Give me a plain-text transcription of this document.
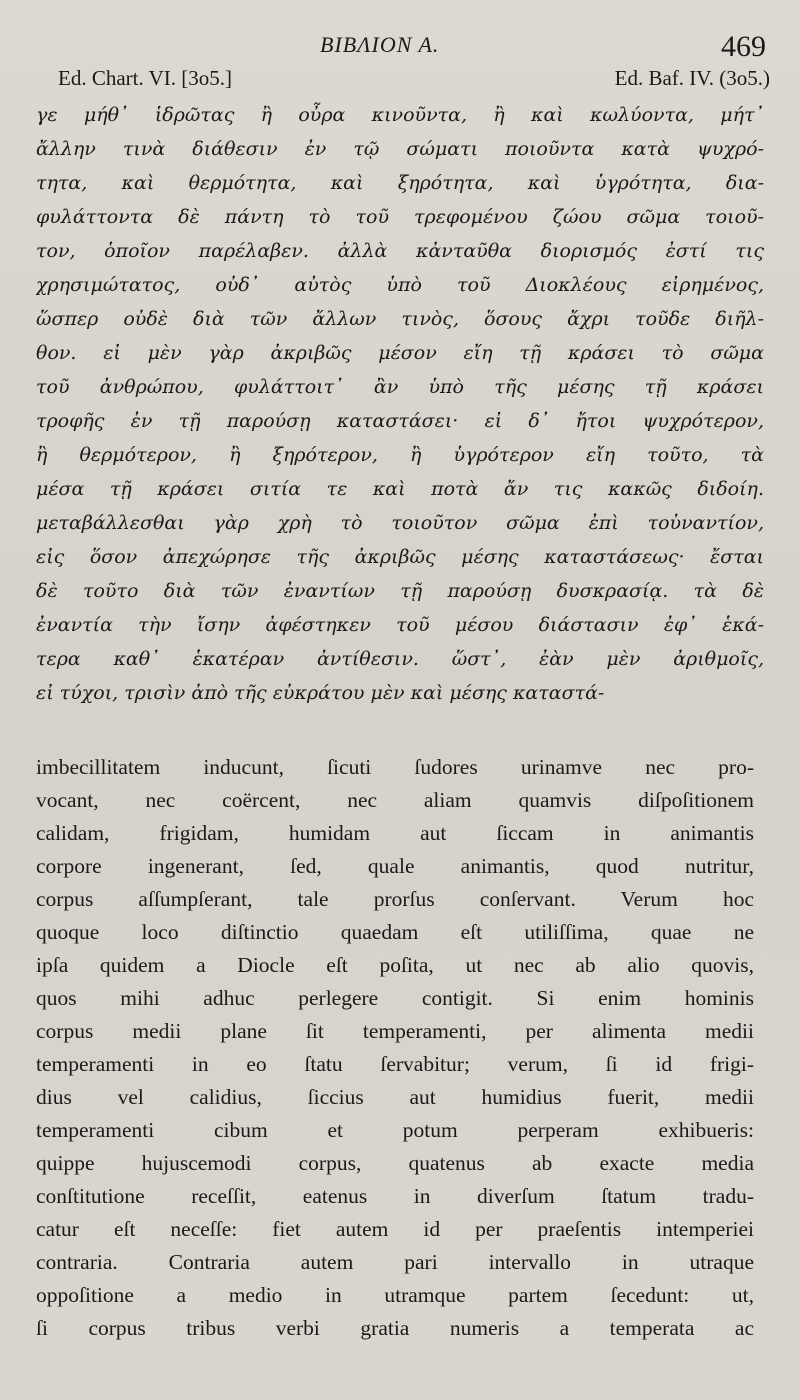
ΒΙΒΛΙΟΝ Α.	469
Ed. Chart. VI. [3o5.]	Ed. Baf. IV. (3o5.)
γε μήθ᾿ ἱδρῶτας ἢ οὖρα κινοῦντα, ἢ καὶ κωλύοντα, μήτ᾿
ἄλλην τινὰ διάθεσιν ἐν τῷ σώματι ποιοῦντα κατὰ ψυχρό-
τητα, καὶ θερμότητα, καὶ ξηρότητα, καὶ ὑγρότητα, δια-
φυλάττοντα δὲ πάντη τὸ τοῦ τρεφομένου ζώου σῶμα τοιοῦ-
τον, ὁποῖον παρέλαβεν. ἀλλὰ κἀνταῦθα διορισμός ἐστί τις
χρησιμώτατος, οὐδ᾿ αὐτὸς ὑπὸ τοῦ Διοκλέους εἰρημένος,
ὥσπερ οὐδὲ διὰ τῶν ἄλλων τινὸς, ὅσους ἄχρι τοῦδε διῆλ-
θον. εἰ μὲν γὰρ ἀκριβῶς μέσον εἴη τῇ κράσει τὸ σῶμα
τοῦ ἀνθρώπου, φυλάττοιτ᾿ ἂν ὑπὸ τῆς μέσης τῇ κράσει
τροφῆς ἐν τῇ παρούσῃ καταστάσει· εἰ δ᾿ ἤτοι ψυχρότερον,
ἢ θερμότερον, ἢ ξηρότερον, ἢ ὑγρότερον εἴη τοῦτο, τὰ
μέσα τῇ κράσει σιτία τε καὶ ποτὰ ἄν τις κακῶς διδοίη.
μεταβάλλεσθαι γὰρ χρὴ τὸ τοιοῦτον σῶμα ἐπὶ τοὐναντίον,
εἰς ὅσον ἀπεχώρησε τῆς ἀκριβῶς μέσης καταστάσεως· ἔσται
δὲ τοῦτο διὰ τῶν ἐναντίων τῇ παρούσῃ δυσκρασίᾳ. τὰ δὲ
ἐναντία τὴν ἴσην ἀφέστηκεν τοῦ μέσου διάστασιν ἐφ᾿ ἑκά-
τερα καθ᾿ ἑκατέραν ἀντίθεσιν. ὥστ᾿, ἐὰν μὲν ἀριθμοῖς,
εἰ τύχοι, τρισὶν ἀπὸ τῆς εὐκράτου μὲν καὶ μέσης καταστά-
imbecillitatem inducunt, ſicuti ſudores urinamve nec pro-
vocant, nec coërcent, nec aliam quamvis diſpoſitionem
calidam, frigidam, humidam aut ſiccam in animantis
corpore ingenerant, ſed, quale animantis, quod nutritur,
corpus aſſumpſerant, tale prorſus conſervant. Verum hoc
quoque loco diſtinctio quaedam eſt utiliſſima, quae ne
ipſa quidem a Diocle eſt poſita, ut nec ab alio quovis,
quos mihi adhuc perlegere contigit. Si enim hominis
corpus medii plane ſit temperamenti, per alimenta medii
temperamenti in eo ſtatu ſervabitur; verum, ſi id frigi-
dius vel calidius, ſiccius aut humidius fuerit, medii
temperamenti cibum et potum perperam exhibueris:
quippe hujuscemodi corpus, quatenus ab exacte media
conſtitutione receſſit, eatenus in diverſum ſtatum tradu-
catur eſt neceſſe: fiet autem id per praeſentis intemperiei
contraria. Contraria autem pari intervallo in utraque
oppoſitione a medio in utramque partem ſecedunt: ut,
ſi corpus tribus verbi gratia numeris a temperata ac
